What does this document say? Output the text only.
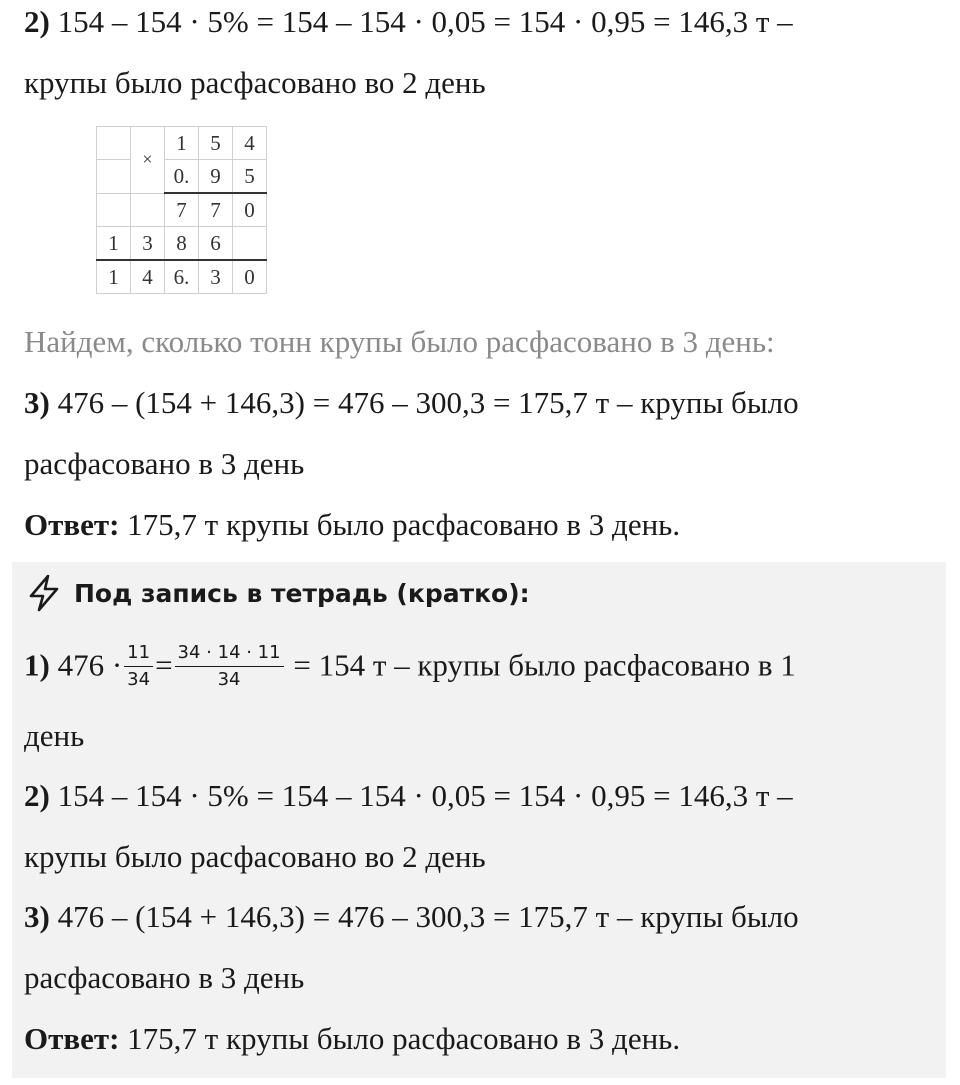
2) 154 – 154 · 5% = 154 – 154 · 0,05 = 154 · 0,95 = 146,3 т –
крупы было расфасовано во 2 день
	×	1	5	4
		0.	9	5
		7	7	0
1	3	8	6	
1	4	6.	3	0
Найдем, сколько тонн крупы было расфасовано в 3 день:
3) 476 – (154 + 146,3) = 476 – 300,3 = 175,7 т – крупы было
расфасовано в 3 день
Ответ: 175,7 т крупы было расфасовано в 3 день.
Под запись в тетрадь (кратко):
1) $476 \cdot \frac{11}{34} = \frac{34 \cdot 14 \cdot 11}{34} = 154$ т – крупы было расфасовано в 1
день
2) 154 – 154 · 5% = 154 – 154 · 0,05 = 154 · 0,95 = 146,3 т –
крупы было расфасовано во 2 день
3) 476 – (154 + 146,3) = 476 – 300,3 = 175,7 т – крупы было
расфасовано в 3 день
Ответ: 175,7 т крупы было расфасовано в 3 день.
